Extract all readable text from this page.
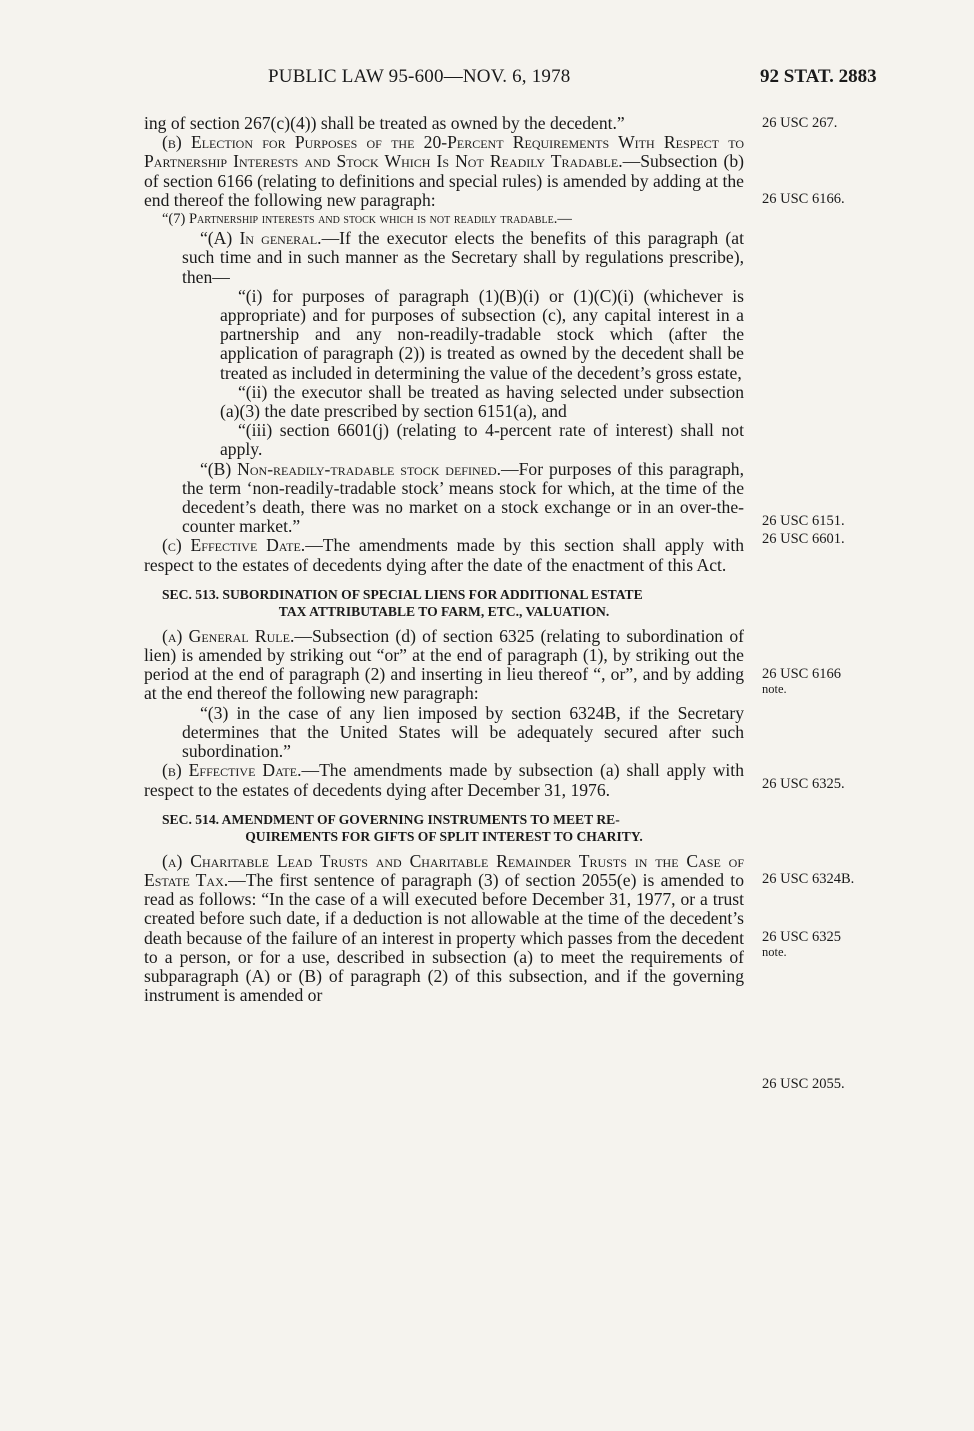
PUBLIC LAW 95-600—NOV. 6, 1978	92 STAT. 2883

ing of section 267(c)(4)) shall be treated as owned by the decedent.”

(b) Election for Purposes of the 20-Percent Requirements With Respect to Partnership Interests and Stock Which Is Not Readily Tradable.—Subsection (b) of section 6166 (relating to definitions and special rules) is amended by adding at the end thereof the following new paragraph:

“(7) Partnership interests and stock which is not readily tradable.—

“(A) In general.—If the executor elects the benefits of this paragraph (at such time and in such manner as the Secretary shall by regulations prescribe), then—

“(i) for purposes of paragraph (1)(B)(i) or (1)(C)(i) (whichever is appropriate) and for purposes of subsection (c), any capital interest in a partnership and any non-readily-tradable stock which (after the application of paragraph (2)) is treated as owned by the decedent shall be treated as included in determining the value of the decedent’s gross estate,

“(ii) the executor shall be treated as having selected under subsection (a)(3) the date prescribed by section 6151(a), and

“(iii) section 6601(j) (relating to 4-percent rate of interest) shall not apply.

“(B) Non-readily-tradable stock defined.—For purposes of this paragraph, the term ‘non-readily-tradable stock’ means stock for which, at the time of the decedent’s death, there was no market on a stock exchange or in an over-the-counter market.”

(c) Effective Date.—The amendments made by this section shall apply with respect to the estates of decedents dying after the date of the enactment of this Act.

SEC. 513. SUBORDINATION OF SPECIAL LIENS FOR ADDITIONAL ESTATE
TAX ATTRIBUTABLE TO FARM, ETC., VALUATION.

(a) General Rule.—Subsection (d) of section 6325 (relating to subordination of lien) is amended by striking out “or” at the end of paragraph (1), by striking out the period at the end of paragraph (2) and inserting in lieu thereof “, or”, and by adding at the end thereof the following new paragraph:

“(3) in the case of any lien imposed by section 6324B, if the Secretary determines that the United States will be adequately secured after such subordination.”

(b) Effective Date.—The amendments made by subsection (a) shall apply with respect to the estates of decedents dying after December 31, 1976.

SEC. 514. AMENDMENT OF GOVERNING INSTRUMENTS TO MEET RE-
QUIREMENTS FOR GIFTS OF SPLIT INTEREST TO CHARITY.

(a) Charitable Lead Trusts and Charitable Remainder Trusts in the Case of Estate Tax.—The first sentence of paragraph (3) of section 2055(e) is amended to read as follows: “In the case of a will executed before December 31, 1977, or a trust created before such date, if a deduction is not allowable at the time of the decedent’s death because of the failure of an interest in property which passes from the decedent to a person, or for a use, described in subsection (a) to meet the requirements of subparagraph (A) or (B) of paragraph (2) of this subsection, and if the governing instrument is amended or

26 USC 267.
26 USC 6166.
26 USC 6151.
26 USC 6601.
26 USC 6166
note.
26 USC 6325.
26 USC 6324B.
26 USC 6325
note.
26 USC 2055.
